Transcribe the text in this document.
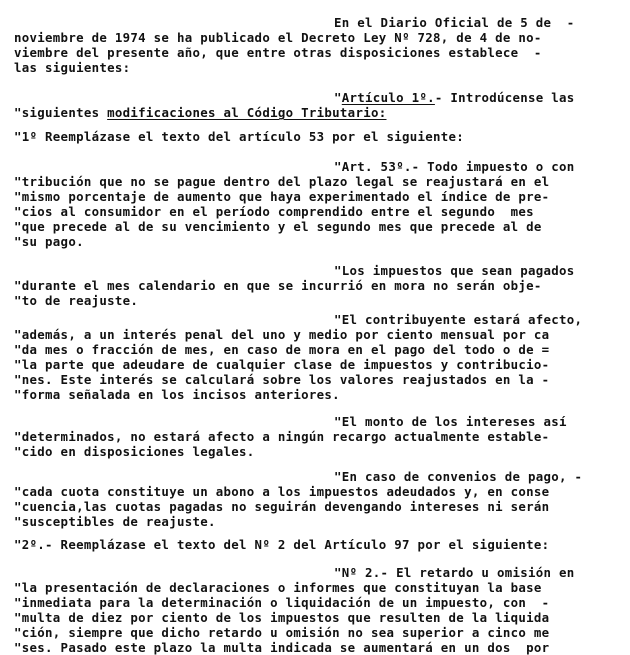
En el Diario Oficial de 5 de  -
noviembre de 1974 se ha publicado el Decreto Ley Nº 728, de 4 de no-
viembre del presente año, que entre otras disposiciones establece  -
las siguientes:
"Artículo 1º.- Introdúcense las
"siguientes modificaciones al Código Tributario:
"1º Reemplázase el texto del artículo 53 por el siguiente:
"Art. 53º.- Todo impuesto o con
"tribución que no se pague dentro del plazo legal se reajustará en el
"mismo porcentaje de aumento que haya experimentado el índice de pre-
"cios al consumidor en el período comprendido entre el segundo  mes
"que precede al de su vencimiento y el segundo mes que precede al de
"su pago.
"Los impuestos que sean pagados
"durante el mes calendario en que se incurrió en mora no serán obje-
"to de reajuste.
"El contribuyente estará afecto,
"además, a un interés penal del uno y medio por ciento mensual por ca
"da mes o fracción de mes, en caso de mora en el pago del todo o de =
"la parte que adeudare de cualquier clase de impuestos y contribucio-
"nes. Este interés se calculará sobre los valores reajustados en la -
"forma señalada en los incisos anteriores.
"El monto de los intereses así
"determinados, no estará afecto a ningún recargo actualmente estable-
"cido en disposiciones legales.
"En caso de convenios de pago, -
"cada cuota constituye un abono a los impuestos adeudados y, en conse
"cuencia,las cuotas pagadas no seguirán devengando intereses ni serán
"susceptibles de reajuste.
"2º.- Reemplázase el texto del Nº 2 del Artículo 97 por el siguiente:
"Nº 2.- El retardo u omisión en
"la presentación de declaraciones o informes que constituyan la base
"inmediata para la determinación o liquidación de un impuesto, con  -
"multa de diez por ciento de los impuestos que resulten de la liquida
"ción, siempre que dicho retardo u omisión no sea superior a cinco me
"ses. Pasado este plazo la multa indicada se aumentará en un dos  por
